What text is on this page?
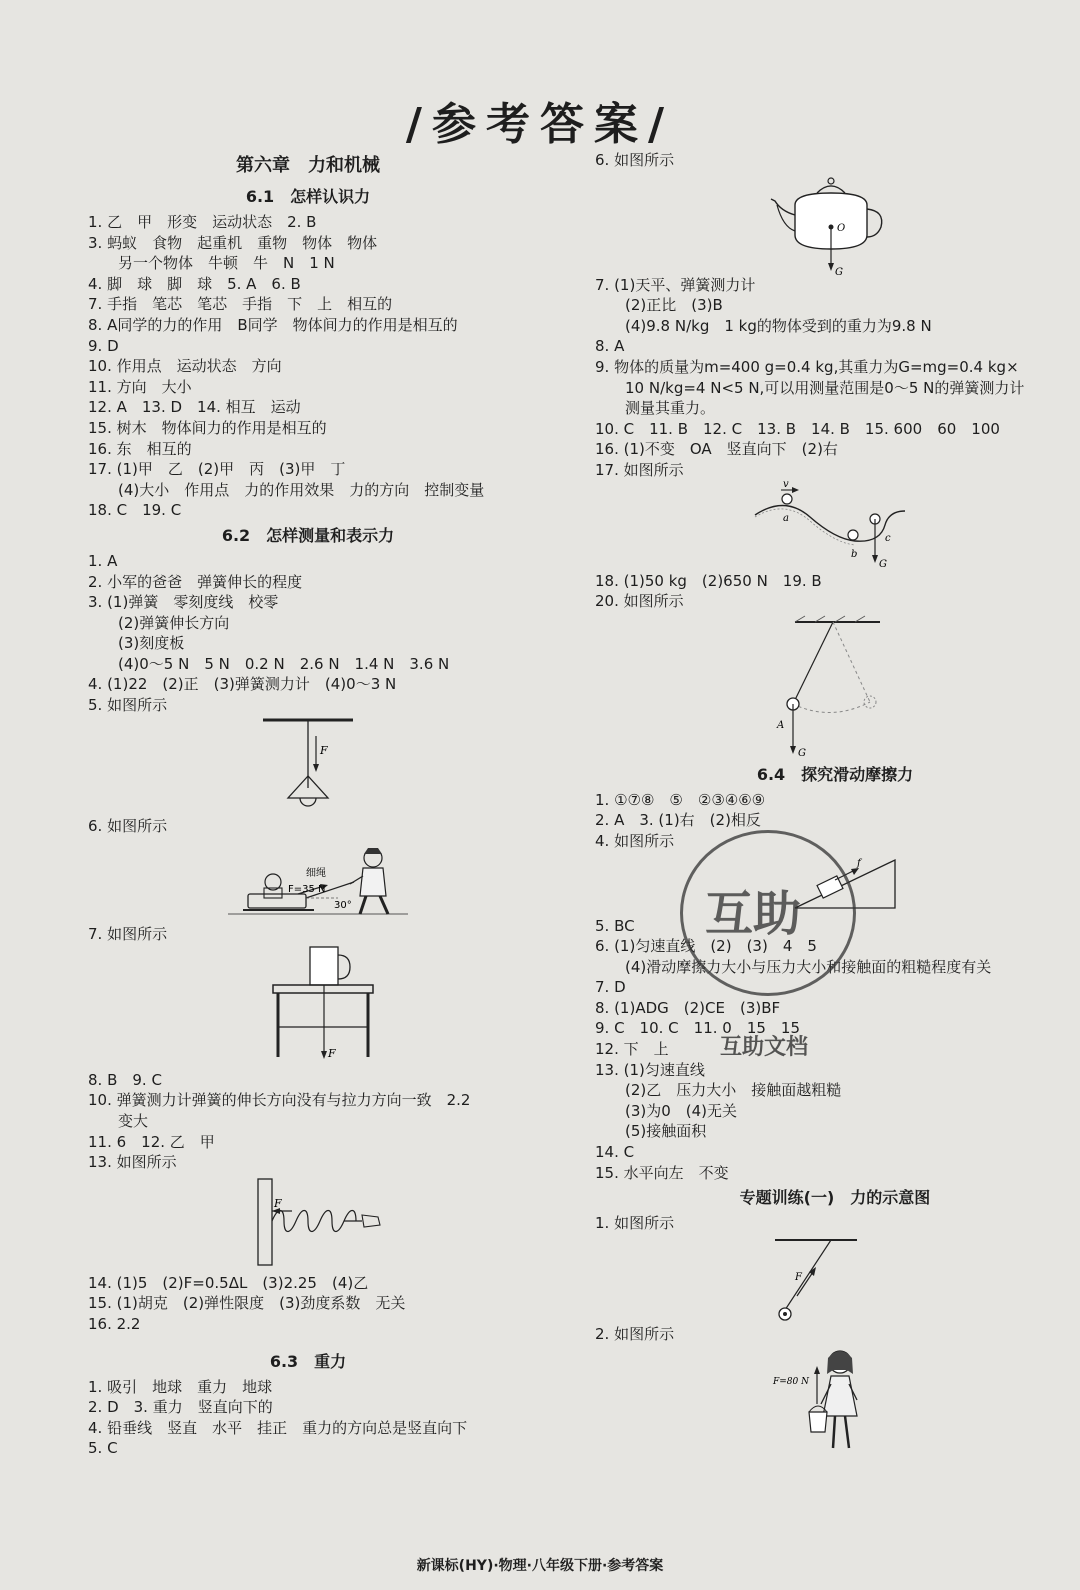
/参考答案/
第六章　力和机械
6.1　怎样认识力
1. 乙　甲　形变　运动状态　2. B
3. 蚂蚁　食物　起重机　重物　物体　物体
另一个物体　牛顿　牛　N　1 N
4. 脚　球　脚　球　5. A　6. B
7. 手指　笔芯　笔芯　手指　下　上　相互的
8. A同学的力的作用　B同学　物体间力的作用是相互的
9. D
10. 作用点　运动状态　方向
11. 方向　大小
12. A　13. D　14. 相互　运动
15. 树木　物体间力的作用是相互的
16. 东　相互的
17. (1)甲　乙　(2)甲　丙　(3)甲　丁
(4)大小　作用点　力的作用效果　力的方向　控制变量
18. C　19. C
6.2　怎样测量和表示力
1. A
2. 小军的爸爸　弹簧伸长的程度
3. (1)弹簧　零刻度线　校零
(2)弹簧伸长方向
(3)刻度板
(4)0～5 N　5 N　0.2 N　2.6 N　1.4 N　3.6 N
4. (1)22　(2)正　(3)弹簧测力计　(4)0～3 N
5. 如图所示
F
6. 如图所示
细绳
F=35 N
30°
7. 如图所示
F
8. B　9. C
10. 弹簧测力计弹簧的伸长方向没有与拉力方向一致　2.2
变大
11. 6　12. 乙　甲
13. 如图所示
F
14. (1)5　(2)F=0.5ΔL　(3)2.25　(4)乙
15. (1)胡克　(2)弹性限度　(3)劲度系数　无关
16. 2.2
6.3　重力
1. 吸引　地球　重力　地球
2. D　3. 重力　竖直向下的
4. 铅垂线　竖直　水平　挂正　重力的方向总是竖直向下
5. C
6. 如图所示
O
G
7. (1)天平、弹簧测力计
(2)正比　(3)B
(4)9.8 N/kg　1 kg的物体受到的重力为9.8 N
8. A
9. 物体的质量为m=400 g=0.4 kg,其重力为G=mg=0.4 kg×
10 N/kg=4 N<5 N,可以用测量范围是0～5 N的弹簧测力计
测量其重力。
10. C　11. B　12. C　13. B　14. B　15. 600　60　100
16. (1)不变　OA　竖直向下　(2)右
17. 如图所示
v
a
b
c
G
18. (1)50 kg　(2)650 N　19. B
20. 如图所示
A
G
6.4　探究滑动摩擦力
1. ①⑦⑧　⑤　②③④⑥⑨
2. A　3. (1)右　(2)相反
4. 如图所示
f
5. BC
6. (1)匀速直线　(2)　(3)　4　5
(4)滑动摩擦力大小与压力大小和接触面的粗糙程度有关
7. D
8. (1)ADG　(2)CE　(3)BF
9. C　10. C　11. 0　15　15
12. 下　上
13. (1)匀速直线
(2)乙　压力大小　接触面越粗糙
(3)为0　(4)无关
(5)接触面积
14. C
15. 水平向左　不变
专题训练(一)　力的示意图
1. 如图所示
F
2. 如图所示
F=80 N
互助
互助文档
新课标(HY)·物理·八年级下册·参考答案
